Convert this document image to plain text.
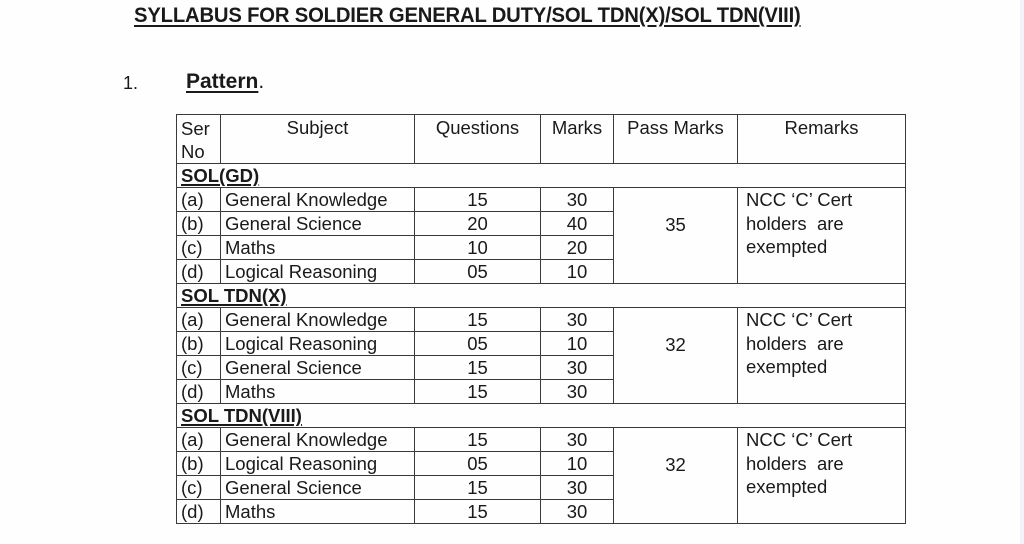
SYLLABUS FOR SOLDIER GENERAL DUTY/SOL TDN(X)/SOL TDN(VIII)
1. Pattern.
Ser
No	Subject	Questions	Marks	Pass Marks	Remarks
SOL(GD)					
(a)	General Knowledge	15	30	35	NCC ‘C’ Cert
holders  are
exempted

(b)	General Science	20	40		
(c)	Maths	10	20		
(d)	Logical Reasoning	05	10		
SOL TDN(X)					
(a)	General Knowledge	15	30	32	NCC ‘C’ Cert
holders  are
exempted

(b)	Logical Reasoning	05	10		
(c)	General Science	15	30		
(d)	Maths	15	30		
SOL TDN(VIII)					
(a)	General Knowledge	15	30	32	NCC ‘C’ Cert
holders  are
exempted

(b)	Logical Reasoning	05	10		
(c)	General Science	15	30		
(d)	Maths	15	30		
